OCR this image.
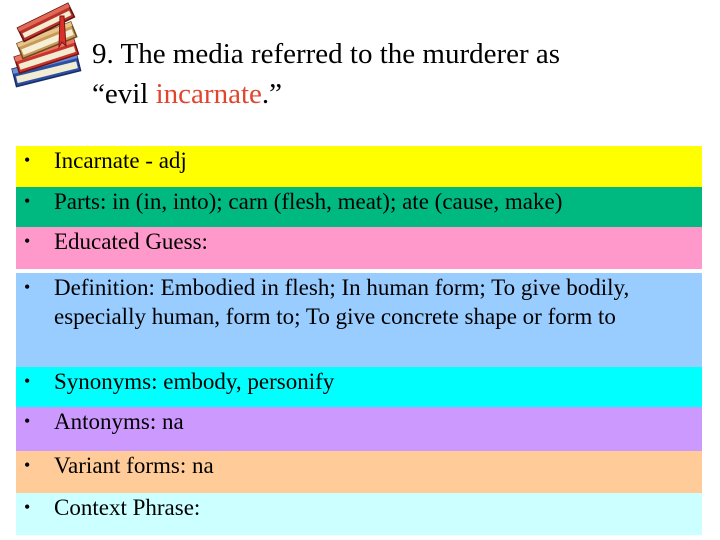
9. The media referred to the murderer as
“evil incarnate.”
•	Incarnate - adj
•	Parts: in (in, into); carn (flesh, meat); ate (cause, make)
•	Educated Guess:
•	Definition: Embodied in flesh; In human form; To give bodily, especially human, form to; To give concrete shape or form to
•	Synonyms: embody, personify
•	Antonyms: na
•	Variant forms: na
•	Context Phrase:
